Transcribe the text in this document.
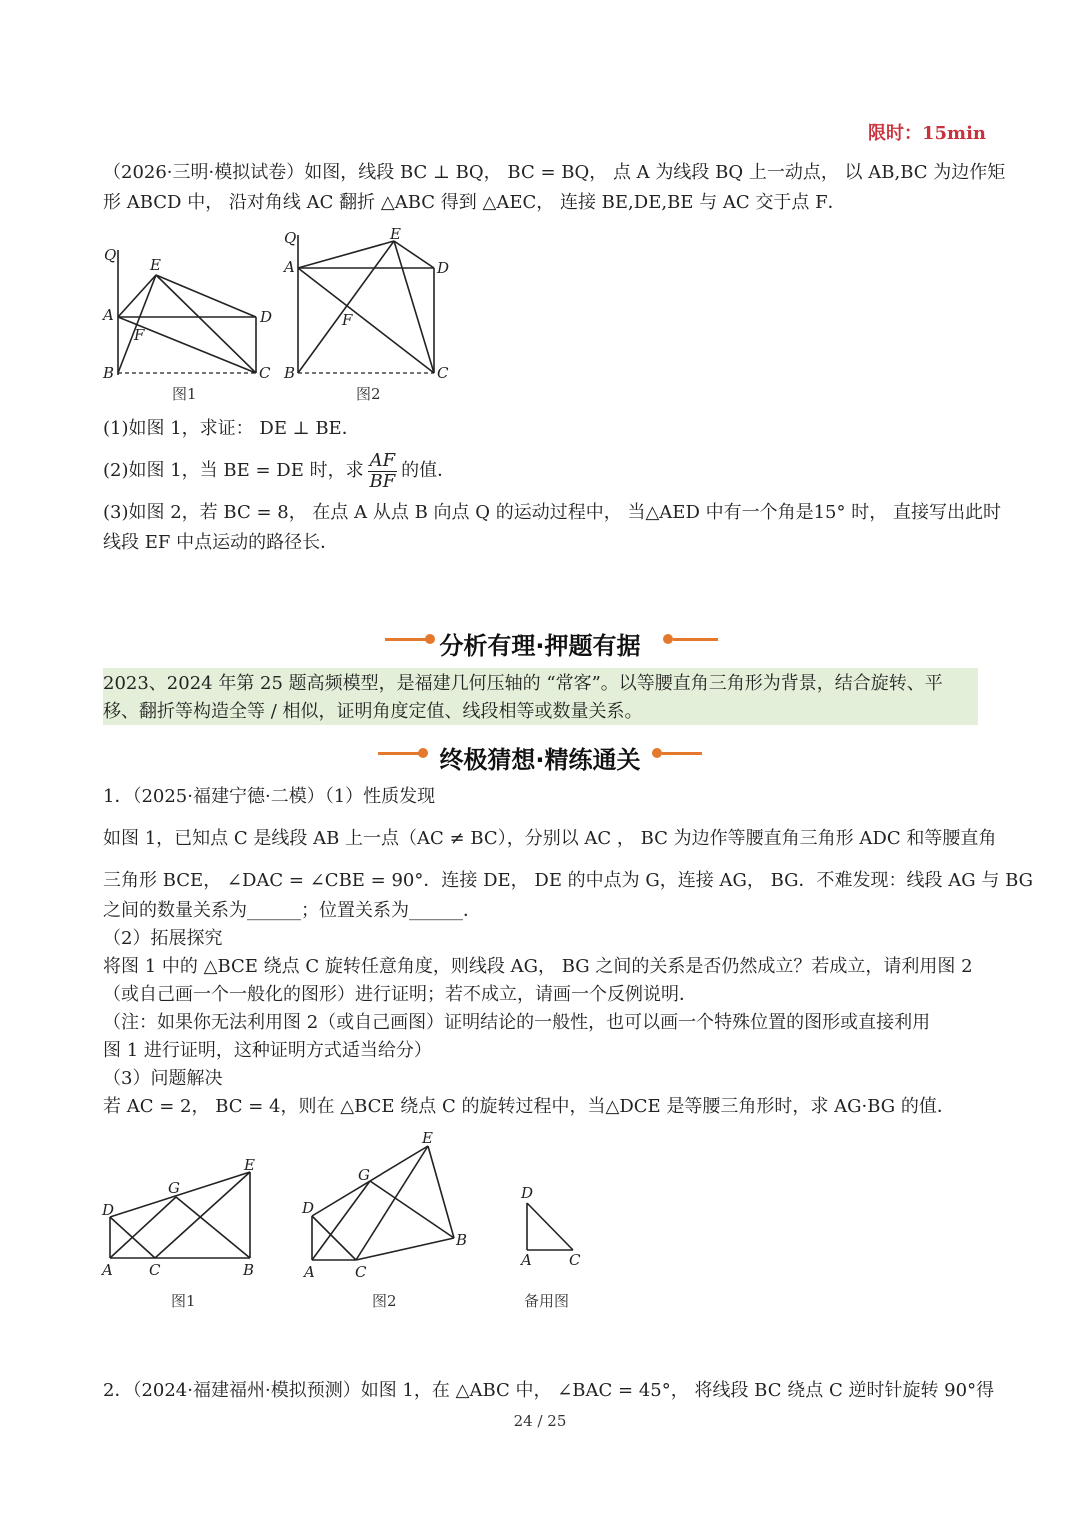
限时：15min
（2026·三明·模拟试卷）如图，线段 BC ⊥ BQ， BC = BQ， 点 A 为线段 BQ 上一动点， 以 AB,BC 为边作矩
形 ABCD 中， 沿对角线 AC 翻折 △ABC 得到 △AEC， 连接 BE,DE,BE 与 AC 交于点 F．
Q
E
A	D
F
B	C
图1
Q	E
A	D
F
B	C
图2
(1)如图 1，求证： DE ⊥ BE．
(2)如图 1，当 BE = DE 时，求 $\frac{AF}{BF}$ 的值．
(3)如图 2，若 BC = 8， 在点 A 从点 B 向点 Q 的运动过程中， 当△AED 中有一个角是15° 时， 直接写出此时
线段 EF 中点运动的路径长．
分析有理·押题有据
2023、2024 年第 25 题高频模型，是福建几何压轴的 “常客”。以等腰直角三角形为背景，结合旋转、平
移、翻折等构造全等 / 相似，证明角度定值、线段相等或数量关系。
终极猜想·精练通关
1．（2025·福建宁德·二模）（1）性质发现
如图 1，已知点 C 是线段 AB 上一点（AC ≠ BC），分别以 AC ， BC 为边作等腰直角三角形 ADC 和等腰直角
三角形 BCE， ∠DAC = ∠CBE = 90°．连接 DE， DE 的中点为 G，连接 AG， BG．不难发现：线段 AG 与 BG
之间的数量关系为______；位置关系为______．
（2）拓展探究
将图 1 中的 △BCE 绕点 C 旋转任意角度，则线段 AG， BG 之间的关系是否仍然成立？若成立，请利用图 2
（或自己画一个一般化的图形）进行证明；若不成立，请画一个反例说明．
（注：如果你无法利用图 2（或自己画图）证明结论的一般性，也可以画一个特殊位置的图形或直接利用
图 1 进行证明，这种证明方式适当给分）
（3）问题解决
若 AC = 2， BC = 4，则在 △BCE 绕点 C 的旋转过程中，当△DCE 是等腰三角形时，求 AG·BG 的值．
D
G
E
A C	B
图1
D
G
E
B
A	C
图2
D
A C
备用图
2．（2024·福建福州·模拟预测）如图 1，在 △ABC 中， ∠BAC = 45°， 将线段 BC 绕点 C 逆时针旋转 90°得
24 / 25
